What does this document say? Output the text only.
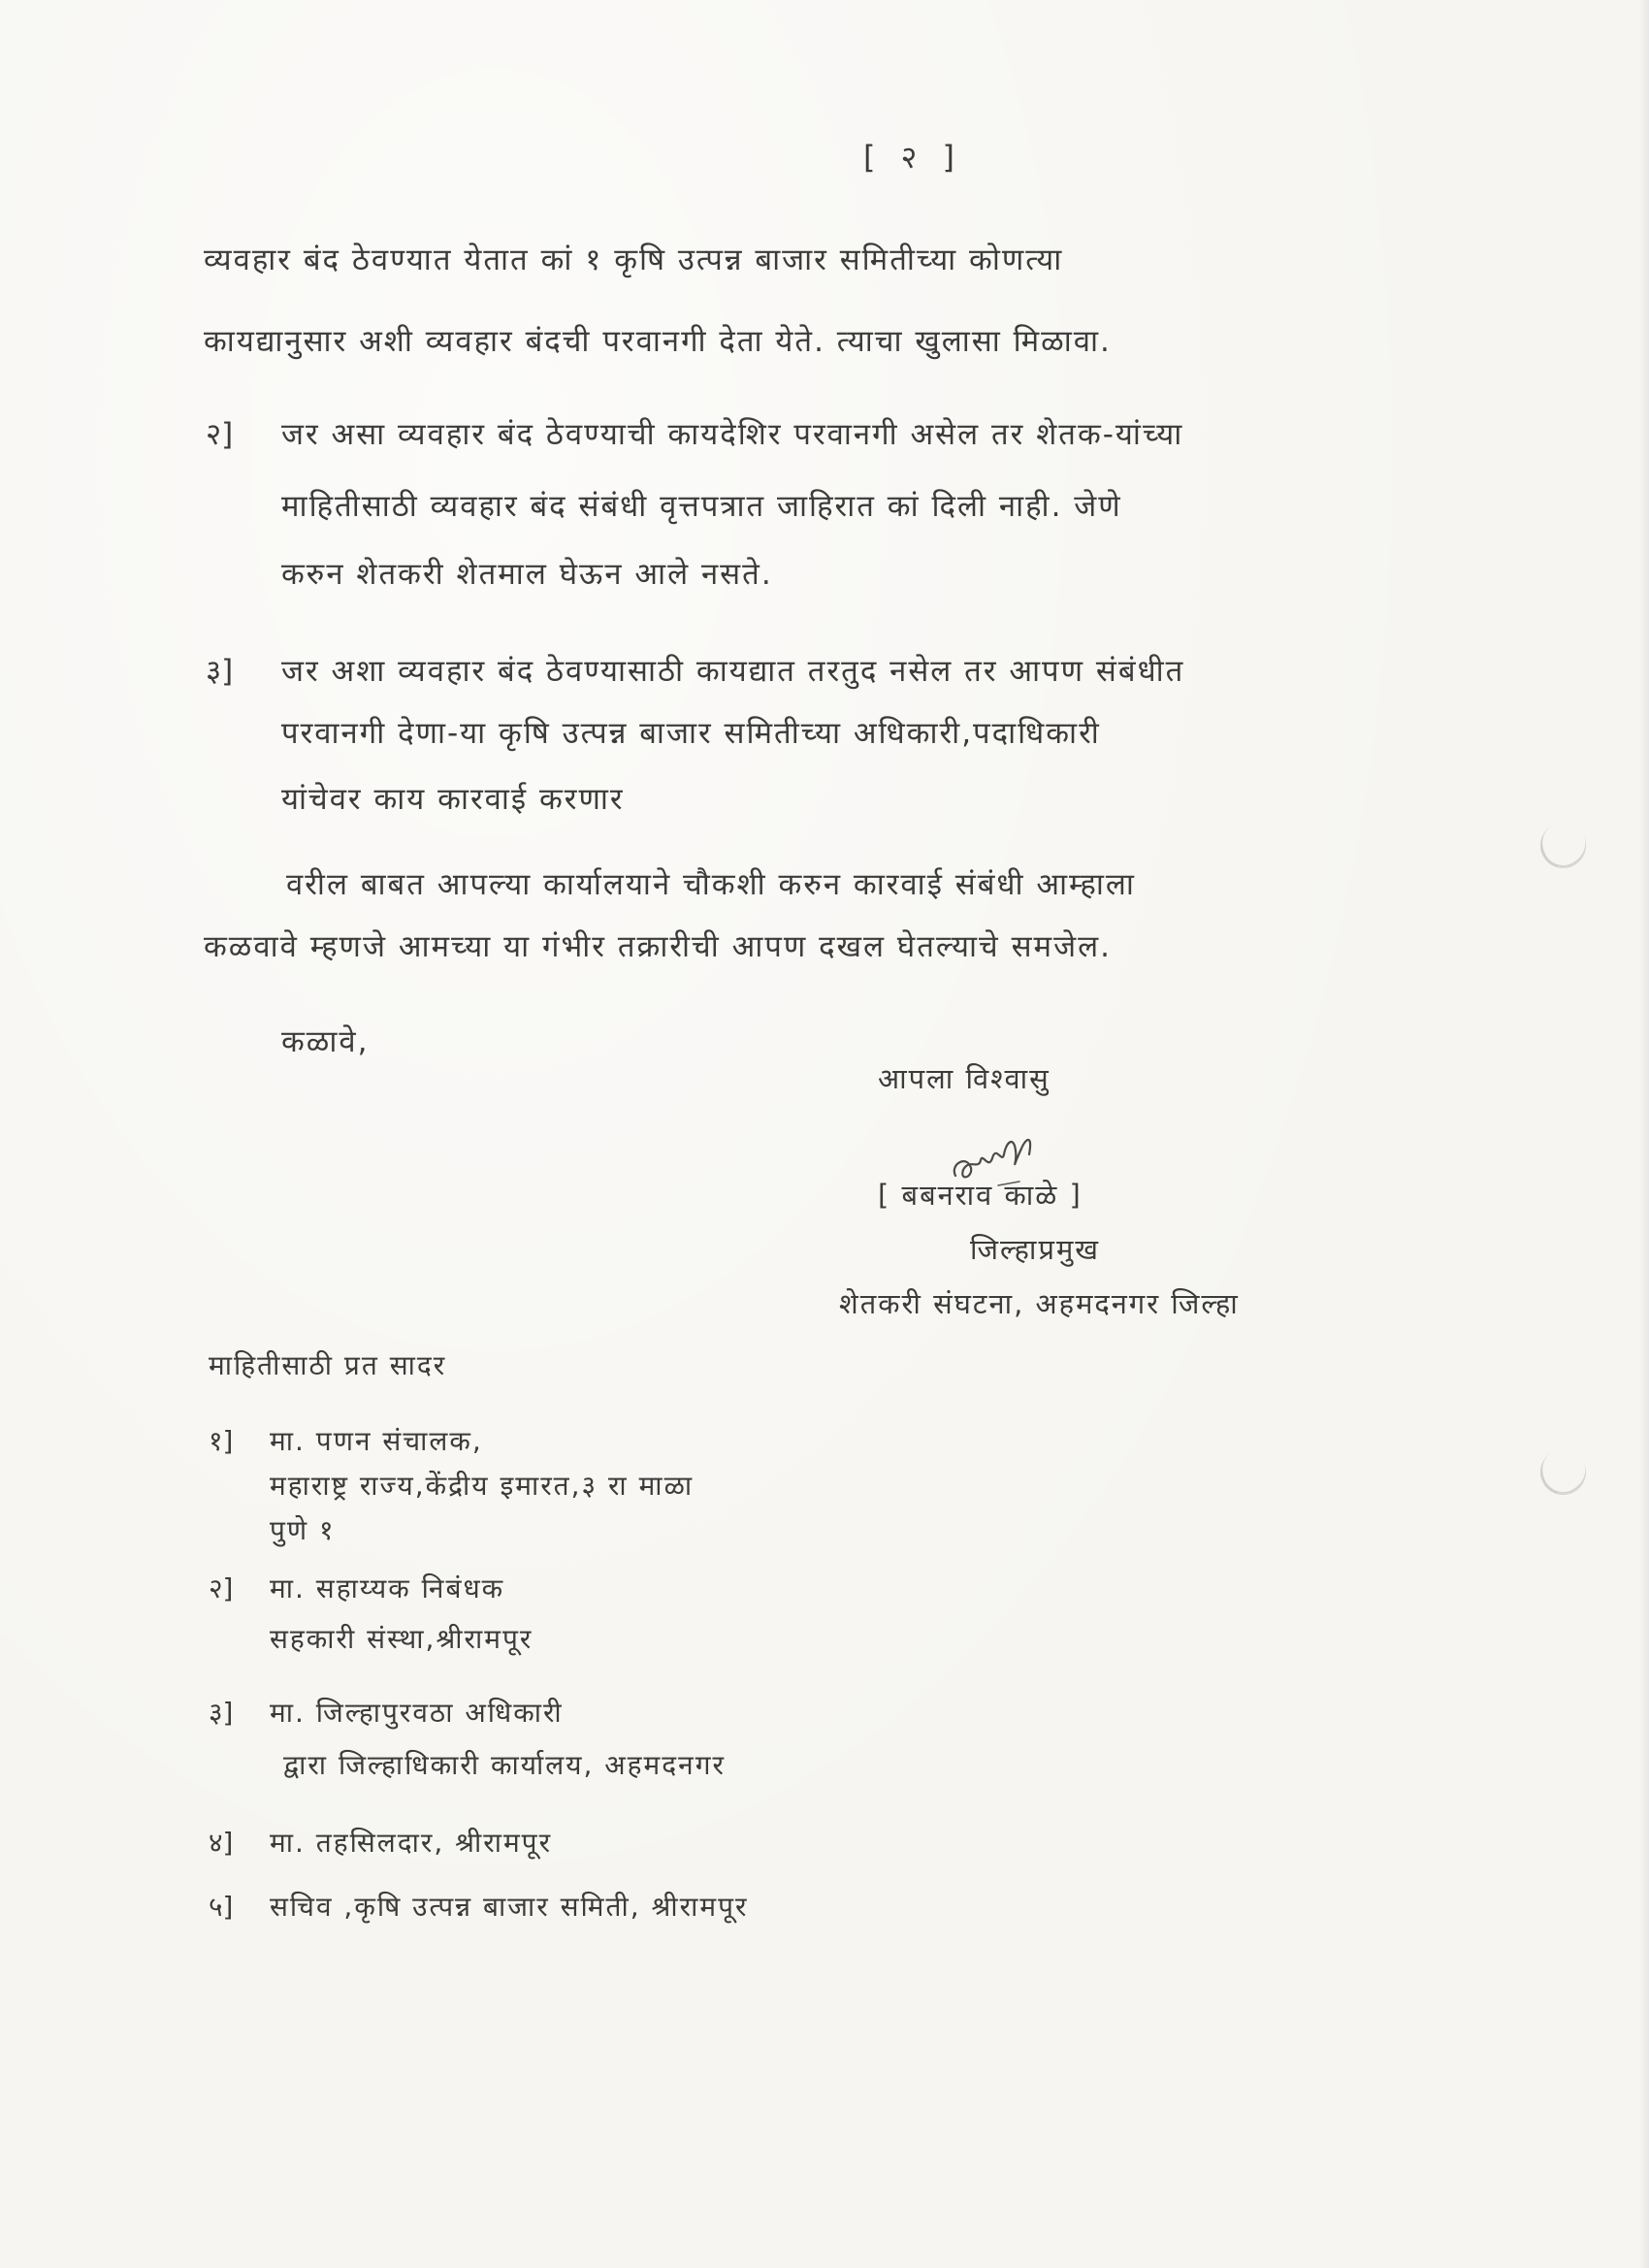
[ २ ]
व्यवहार बंद ठेवण्यात येतात कां १ कृषि उत्पन्न बाजार समितीच्या कोणत्या
कायद्यानुसार अशी व्यवहार बंदची परवानगी देता येते. त्याचा खुलासा मिळावा.
२] जर असा व्यवहार बंद ठेवण्याची कायदेशिर परवानगी असेल तर शेतक-यांच्या
माहितीसाठी व्यवहार बंद संबंधी वृत्तपत्रात जाहिरात कां दिली नाही. जेणे
करुन शेतकरी शेतमाल घेऊन आले नसते.
३] जर अशा व्यवहार बंद ठेवण्यासाठी कायद्यात तरतुद नसेल तर आपण संबंधीत
परवानगी देणा-या कृषि उत्पन्न बाजार समितीच्या अधिकारी,पदाधिकारी
यांचेवर काय कारवाई करणार
वरील बाबत आपल्या कार्यालयाने चौकशी करुन कारवाई संबंधी आम्हाला
कळवावे म्हणजे आमच्या या गंभीर तक्रारीची आपण दखल घेतल्याचे समजेल.
कळावे,
आपला विश्वासु
[ बबनराव काळे ]
जिल्हाप्रमुख
शेतकरी संघटना, अहमदनगर जिल्हा
माहितीसाठी प्रत सादर
१] मा. पणन संचालक,
महाराष्ट्र राज्य,केंद्रीय इमारत,३ रा माळा
पुणे १
२] मा. सहाय्यक निबंधक
सहकारी संस्था,श्रीरामपूर
३] मा. जिल्हापुरवठा अधिकारी
द्वारा जिल्हाधिकारी कार्यालय, अहमदनगर
४] मा. तहसिलदार, श्रीरामपूर
५] सचिव ,कृषि उत्पन्न बाजार समिती, श्रीरामपूर
